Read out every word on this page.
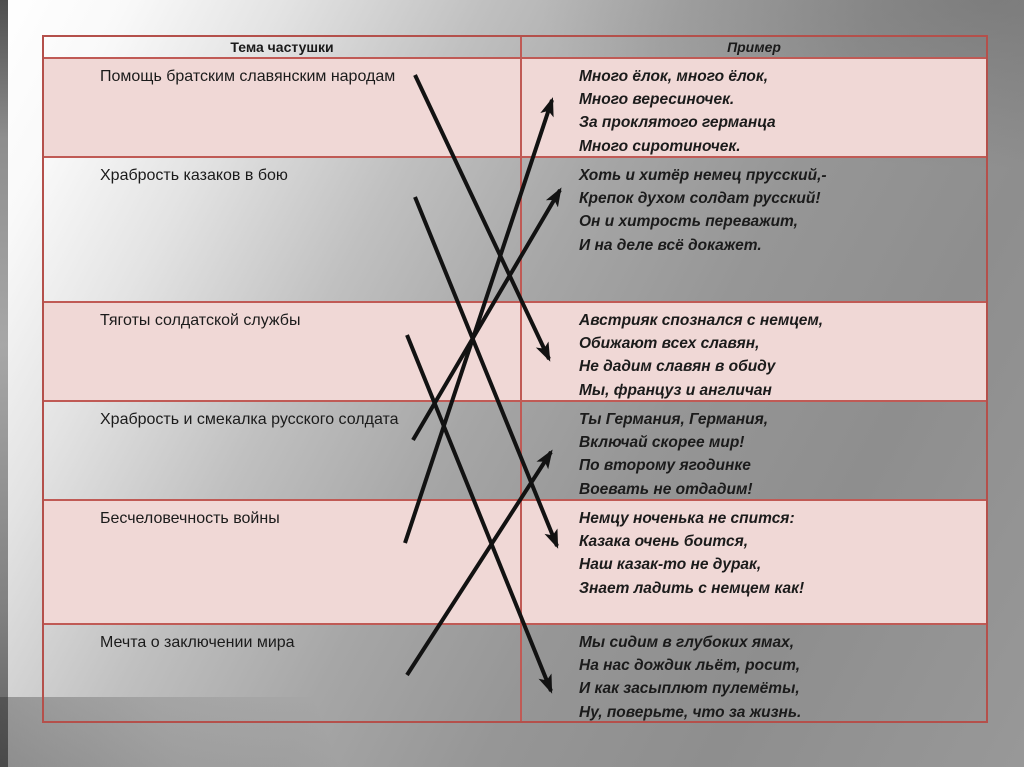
Тема частушки	Пример
Помощь братским славянским народам	Много ёлок, много ёлок,
Много вересиночек.
За проклятого германца
Много сиротиночек.
Храбрость казаков в бою	Хоть и хитёр немец прусский,-
Крепок духом солдат русский!
Он и хитрость переважит,
И на деле всё докажет.
Тяготы солдатской службы	Австрияк спознался с немцем,
Обижают всех славян,
Не дадим славян в обиду
Мы, француз и англичан
Храбрость и смекалка русского солдата	Ты Германия, Германия,
Включай скорее мир!
По второму ягодинке
Воевать не отдадим!
Бесчеловечность войны	Немцу ноченька не спится:
Казака очень боится,
Наш казак-то не дурак,
Знает ладить с немцем как!
Мечта о заключении мира	Мы сидим в глубоких ямах,
На нас дождик льёт, росит,
И как засыплют пулемёты,
Ну, поверьте, что за жизнь.
